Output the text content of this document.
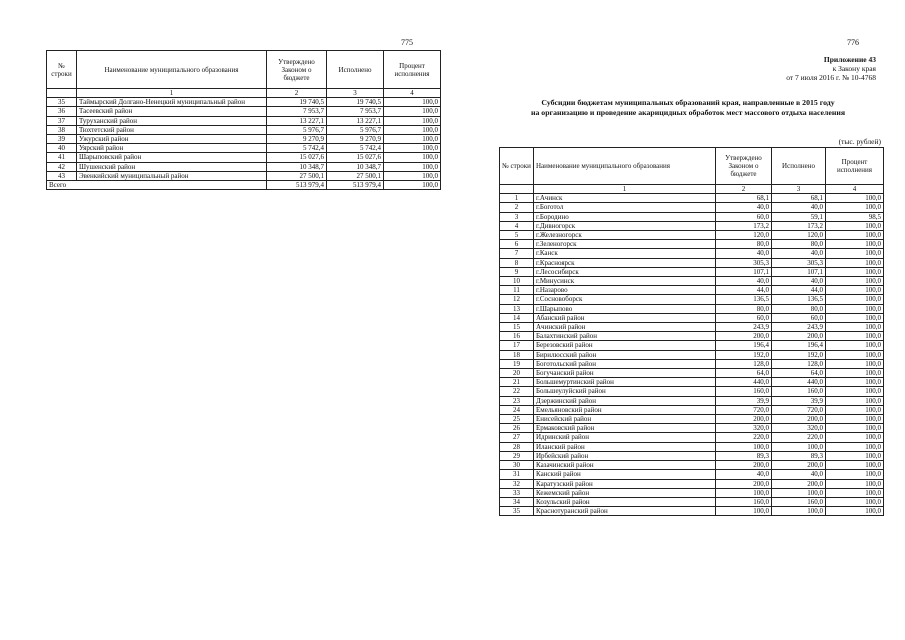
775
№ строки	Наименование муниципального образования	Утверждено Законом о бюджете	Исполнено	Процент исполнения
	1	2	3	4
35	Таймырский Долгано-Ненецкий муниципальный район	19 740,5	19 740,5	100,0
36	Тасеевский район	7 953,7	7 953,7	100,0
37	Туруханский район	13 227,1	13 227,1	100,0
38	Тюхтетский район	5 976,7	5 976,7	100,0
39	Ужурский район	9 270,9	9 270,9	100,0
40	Уярский район	5 742,4	5 742,4	100,0
41	Шарыповский район	15 027,6	15 027,6	100,0
42	Шушенский район	10 348,7	10 348,7	100,0
43	Эвенкийский муниципальный район	27 500,1	27 500,1	100,0
Всего		513 979,4	513 979,4	100,0
776
Приложение 43
к Закону края
от 7 июля 2016 г. № 10-4768
Субсидии бюджетам муниципальных образований края, направленные в 2015 году
на организацию и проведение акарицидных обработок мест массового отдыха населения
(тыс. рублей)
№ строки	Наименование муниципального образования	Утверждено Законом о бюджете	Исполнено	Процент исполнения
	1	2	3	4
1	г.Ачинск	68,1	68,1	100,0
2	г.Боготол	40,0	40,0	100,0
3	г.Бородино	60,0	59,1	98,5
4	г.Дивногорск	173,2	173,2	100,0
5	г.Железногорск	120,0	120,0	100,0
6	г.Зеленогорск	80,0	80,0	100,0
7	г.Канск	40,0	40,0	100,0
8	г.Красноярск	305,3	305,3	100,0
9	г.Лесосибирск	107,1	107,1	100,0
10	г.Минусинск	40,0	40,0	100,0
11	г.Назарово	44,0	44,0	100,0
12	г.Сосновоборск	136,5	136,5	100,0
13	г.Шарыпово	80,0	80,0	100,0
14	Абанский район	60,0	60,0	100,0
15	Ачинский район	243,9	243,9	100,0
16	Балахтинский район	200,0	200,0	100,0
17	Березовский район	196,4	196,4	100,0
18	Бирилюсский район	192,0	192,0	100,0
19	Боготольский район	128,0	128,0	100,0
20	Богучанский район	64,0	64,0	100,0
21	Большемуртинский район	440,0	440,0	100,0
22	Большеулуйский район	160,0	160,0	100,0
23	Дзержинский район	39,9	39,9	100,0
24	Емельяновский район	720,0	720,0	100,0
25	Енисейский район	200,0	200,0	100,0
26	Ермаковский район	320,0	320,0	100,0
27	Идринский район	220,0	220,0	100,0
28	Иланский район	100,0	100,0	100,0
29	Ирбейский район	89,3	89,3	100,0
30	Казачинский район	200,0	200,0	100,0
31	Канский район	40,0	40,0	100,0
32	Каратузский район	200,0	200,0	100,0
33	Кежемский район	100,0	100,0	100,0
34	Козульский район	160,0	160,0	100,0
35	Краснотуранский район	100,0	100,0	100,0
